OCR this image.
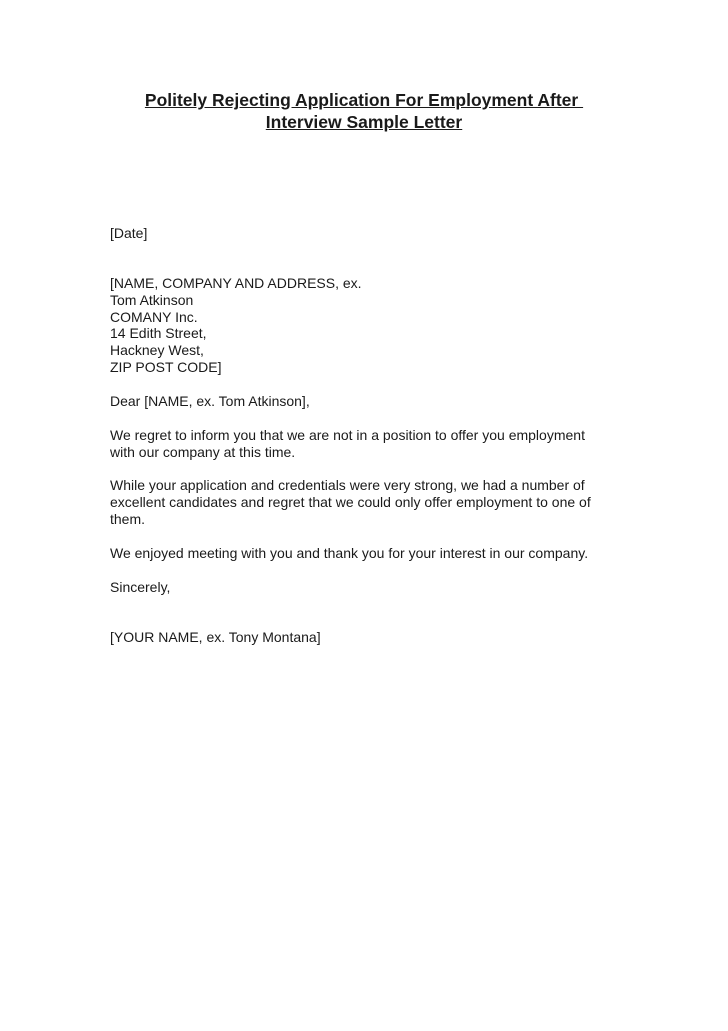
Politely Rejecting Application For Employment After
Interview Sample Letter

[Date]

[NAME, COMPANY AND ADDRESS, ex.
Tom Atkinson
COMANY Inc.
14 Edith Street,
Hackney West,
ZIP POST CODE]

Dear [NAME, ex. Tom Atkinson],

We regret to inform you that we are not in a position to offer you employment
with our company at this time.

While your application and credentials were very strong, we had a number of
excellent candidates and regret that we could only offer employment to one of
them.

We enjoyed meeting with you and thank you for your interest in our company.

Sincerely,

[YOUR NAME, ex. Tony Montana]
